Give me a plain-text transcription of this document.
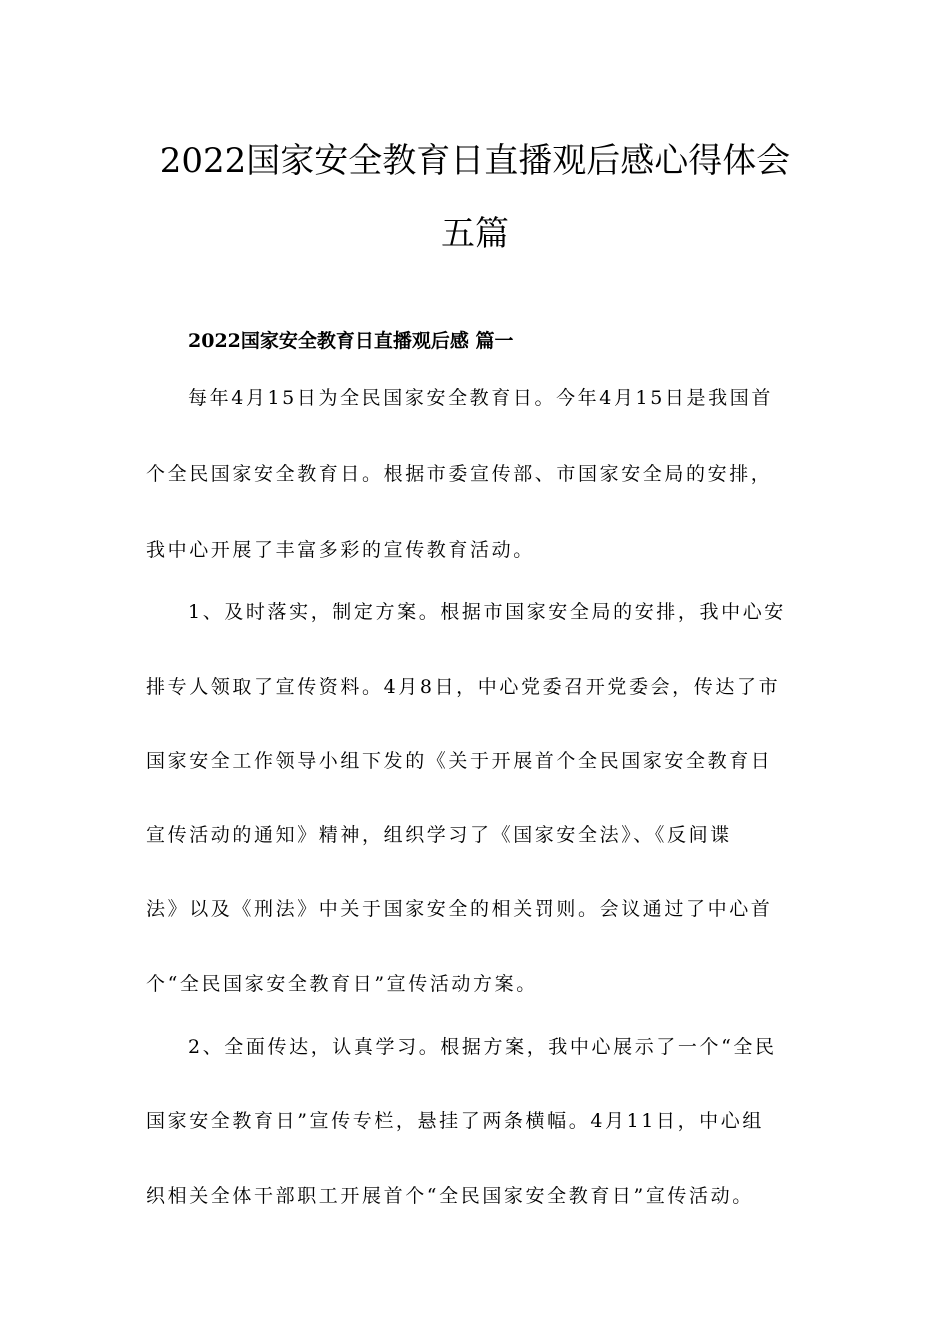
2022国家安全教育日直播观后感心得体会
五篇
2022国家安全教育日直播观后感 篇一
每年4月15日为全民国家安全教育日。今年4月15日是我国首
个全民国家安全教育日。根据市委宣传部、市国家安全局的安排，
我中心开展了丰富多彩的宣传教育活动。
1、及时落实，制定方案。根据市国家安全局的安排，我中心安
排专人领取了宣传资料。4月8日，中心党委召开党委会，传达了市
国家安全工作领导小组下发的《关于开展首个全民国家安全教育日
宣传活动的通知》精神，组织学习了《国家安全法》、《反间谍
法》以及《刑法》中关于国家安全的相关罚则。会议通过了中心首
个“全民国家安全教育日”宣传活动方案。
2、全面传达，认真学习。根据方案，我中心展示了一个“全民
国家安全教育日”宣传专栏，悬挂了两条横幅。4月11日，中心组
织相关全体干部职工开展首个“全民国家安全教育日”宣传活动。
